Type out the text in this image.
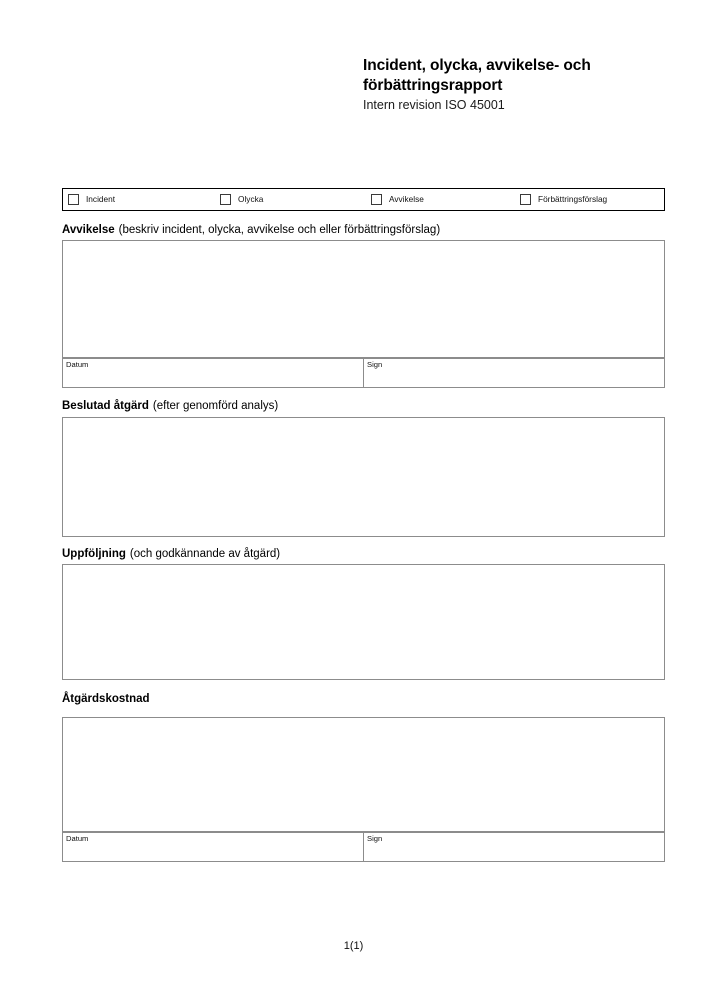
Incident, olycka, avvikelse- och förbättringsrapport
Intern revision ISO 45001
Incident	Olycka	Avvikelse	Förbättringsförslag
Avvikelse (beskriv incident, olycka, avvikelse och eller förbättringsförslag)
Datum	Sign
Beslutad åtgärd (efter genomförd analys)
Uppföljning (och godkännande av åtgärd)
Åtgärdskostnad
Datum	Sign
1(1)
